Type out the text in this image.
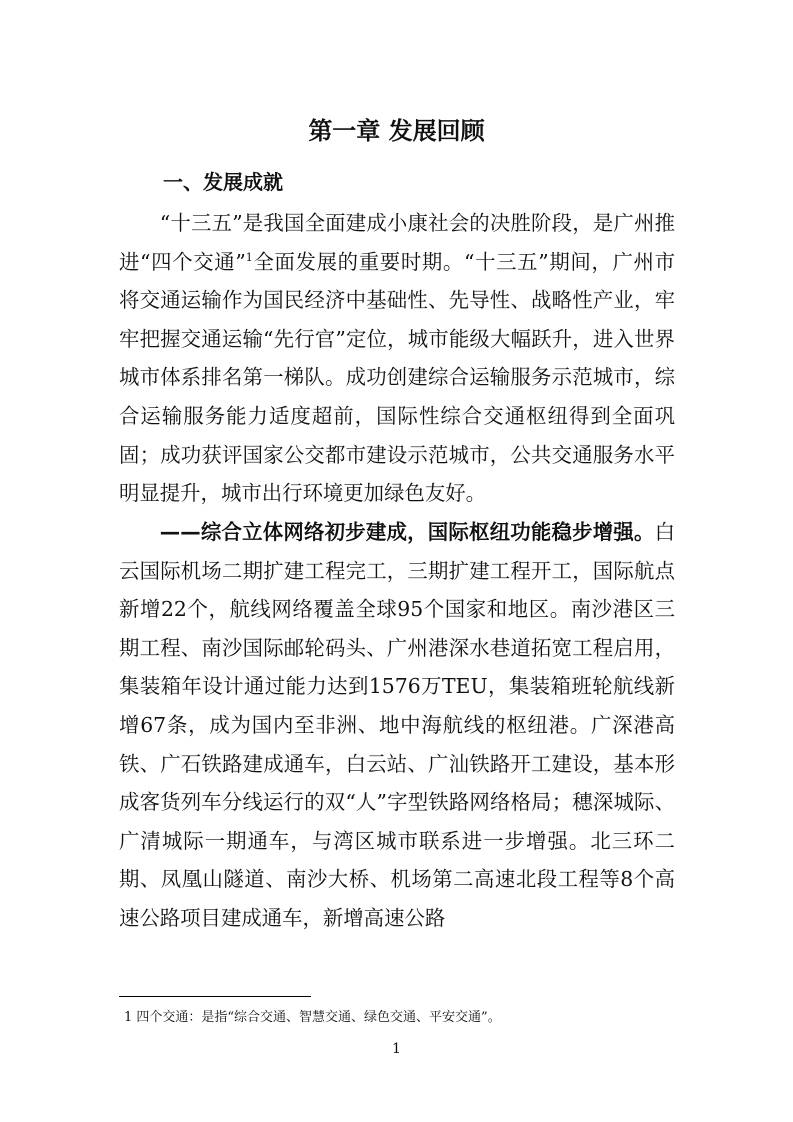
第一章 发展回顾
一、发展成就

“十三五”是我国全面建成小康社会的决胜阶段，是广州推进“四个交通”$^1$全面发展的重要时期。“十三五”期间，广州市将交通运输作为国民经济中基础性、先导性、战略性产业，牢牢把握交通运输“先行官”定位，城市能级大幅跃升，进入世界城市体系排名第一梯队。成功创建综合运输服务示范城市，综合运输服务能力适度超前，国际性综合交通枢纽得到全面巩固；成功获评国家公交都市建设示范城市，公共交通服务水平明显提升，城市出行环境更加绿色友好。

——综合立体网络初步建成，国际枢纽功能稳步增强。白云国际机场二期扩建工程完工，三期扩建工程开工，国际航点新增22个，航线网络覆盖全球95个国家和地区。南沙港区三期工程、南沙国际邮轮码头、广州港深水巷道拓宽工程启用，集装箱年设计通过能力达到1576万TEU，集装箱班轮航线新增67条，成为国内至非洲、地中海航线的枢纽港。广深港高铁、广石铁路建成通车，白云站、广汕铁路开工建设，基本形成客货列车分线运行的双“人”字型铁路网络格局；穗深城际、广清城际一期通车，与湾区城市联系进一步增强。北三环二期、凤凰山隧道、南沙大桥、机场第二高速北段工程等8个高速公路项目建成通车，新增高速公路

1 四个交通：是指“综合交通、智慧交通、绿色交通、平安交通”。

1
